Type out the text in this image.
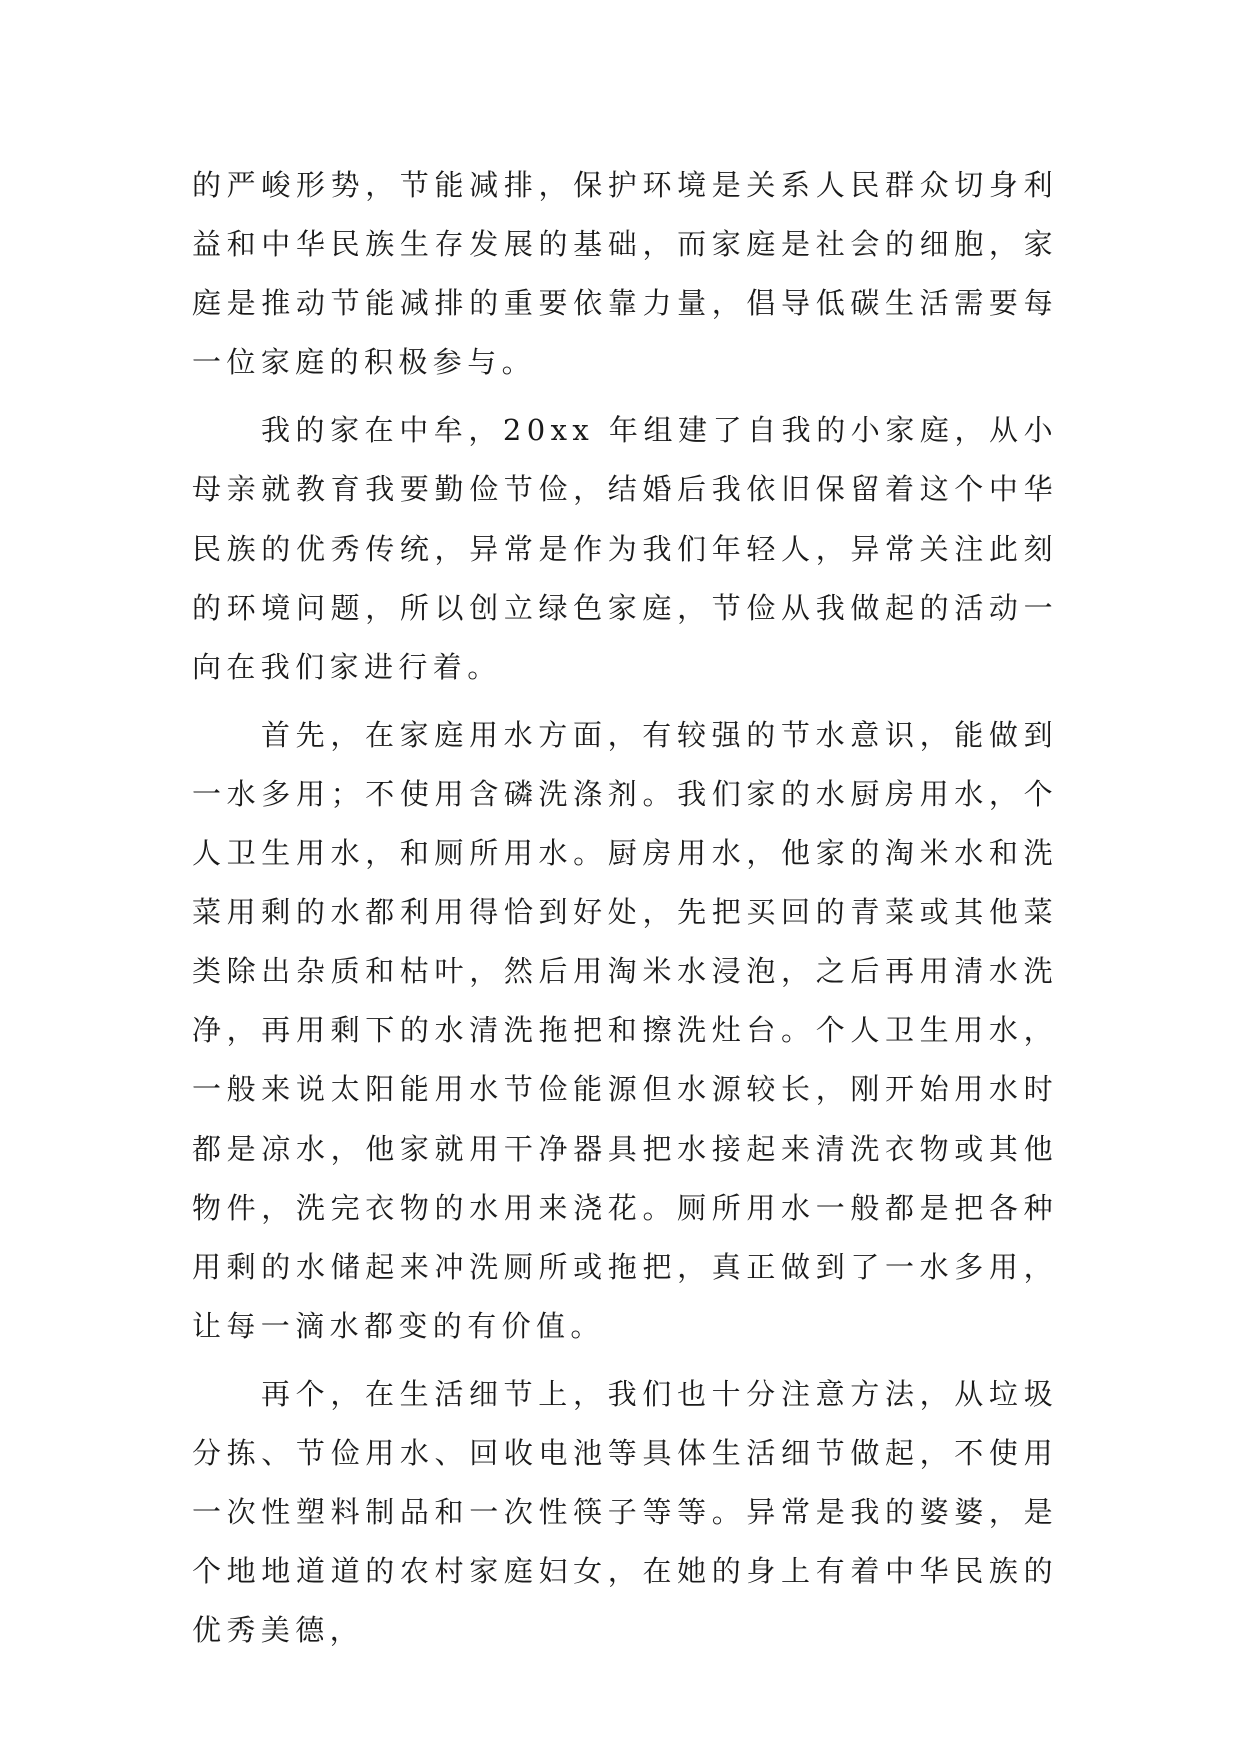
的严峻形势，节能减排，保护环境是关系人民群众切身利益和中华民族生存发展的基础，而家庭是社会的细胞，家庭是推动节能减排的重要依靠力量，倡导低碳生活需要每一位家庭的积极参与。

我的家在中牟，20xx 年组建了自我的小家庭，从小母亲就教育我要勤俭节俭，结婚后我依旧保留着这个中华民族的优秀传统，异常是作为我们年轻人，异常关注此刻的环境问题，所以创立绿色家庭，节俭从我做起的活动一向在我们家进行着。

首先，在家庭用水方面，有较强的节水意识，能做到一水多用；不使用含磷洗涤剂。我们家的水厨房用水，个人卫生用水，和厕所用水。厨房用水，他家的淘米水和洗菜用剩的水都利用得恰到好处，先把买回的青菜或其他菜类除出杂质和枯叶，然后用淘米水浸泡，之后再用清水洗净，再用剩下的水清洗拖把和擦洗灶台。个人卫生用水，一般来说太阳能用水节俭能源但水源较长，刚开始用水时都是凉水，他家就用干净器具把水接起来清洗衣物或其他物件，洗完衣物的水用来浇花。厕所用水一般都是把各种用剩的水储起来冲洗厕所或拖把，真正做到了一水多用，让每一滴水都变的有价值。

再个，在生活细节上，我们也十分注意方法，从垃圾分拣、节俭用水、回收电池等具体生活细节做起，不使用一次性塑料制品和一次性筷子等等。异常是我的婆婆，是个地地道道的农村家庭妇女，在她的身上有着中华民族的优秀美德，
